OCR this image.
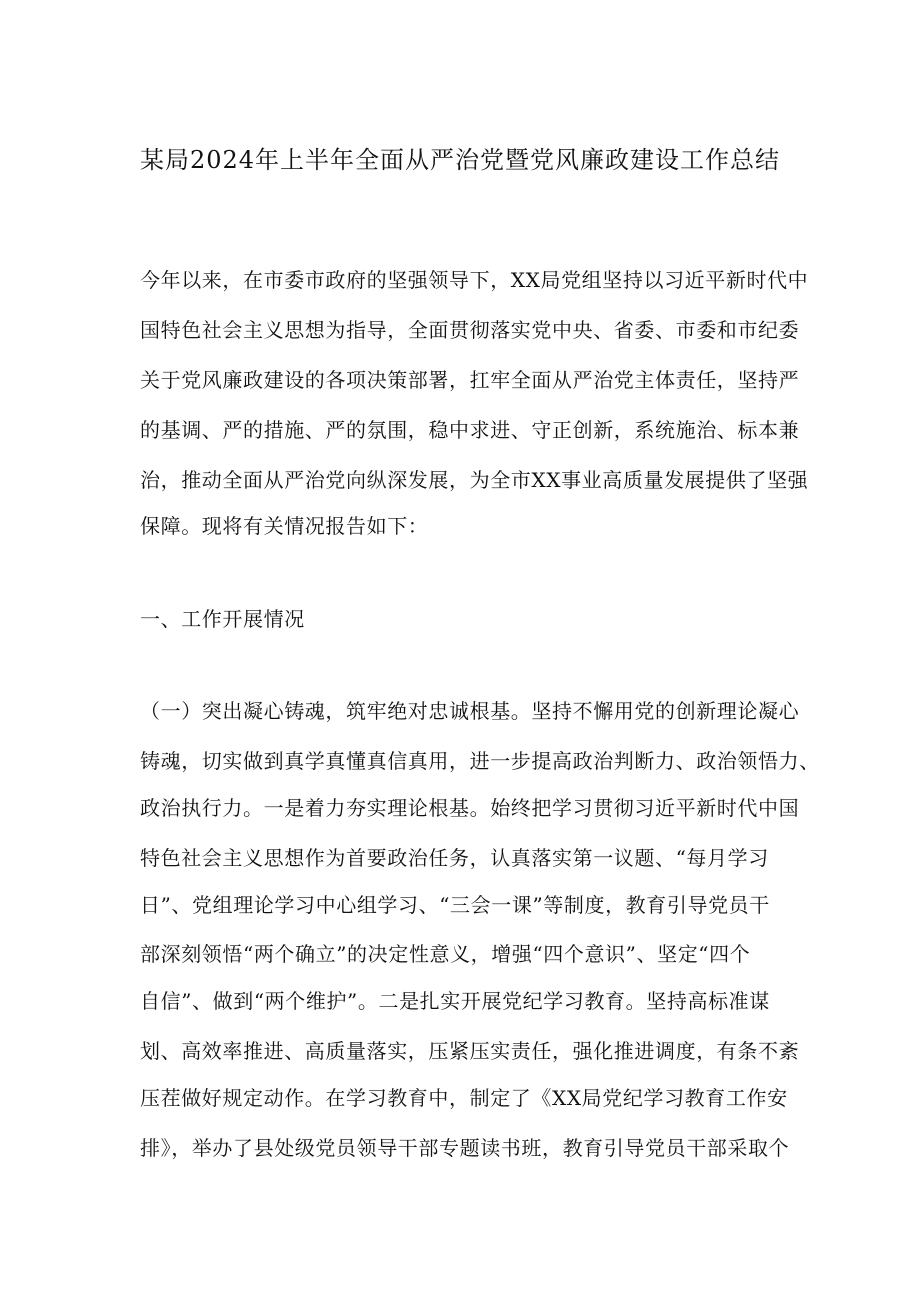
某局2024年上半年全面从严治党暨党风廉政建设工作总结
今年以来，在市委市政府的坚强领导下，XX局党组坚持以习近平新时代中
国特色社会主义思想为指导，全面贯彻落实党中央、省委、市委和市纪委
关于党风廉政建设的各项决策部署，扛牢全面从严治党主体责任，坚持严
的基调、严的措施、严的氛围，稳中求进、守正创新，系统施治、标本兼
治，推动全面从严治党向纵深发展，为全市XX事业高质量发展提供了坚强
保障。现将有关情况报告如下：
一、工作开展情况
（一）突出凝心铸魂，筑牢绝对忠诚根基。坚持不懈用党的创新理论凝心
铸魂，切实做到真学真懂真信真用，进一步提高政治判断力、政治领悟力、
政治执行力。一是着力夯实理论根基。始终把学习贯彻习近平新时代中国
特色社会主义思想作为首要政治任务，认真落实第一议题、“每月学习
日”、党组理论学习中心组学习、“三会一课”等制度，教育引导党员干
部深刻领悟“两个确立”的决定性意义，增强“四个意识”、坚定“四个
自信”、做到“两个维护”。二是扎实开展党纪学习教育。坚持高标准谋
划、高效率推进、高质量落实，压紧压实责任，强化推进调度，有条不紊
压茬做好规定动作。在学习教育中，制定了《XX局党纪学习教育工作安
排》，举办了县处级党员领导干部专题读书班，教育引导党员干部采取个
